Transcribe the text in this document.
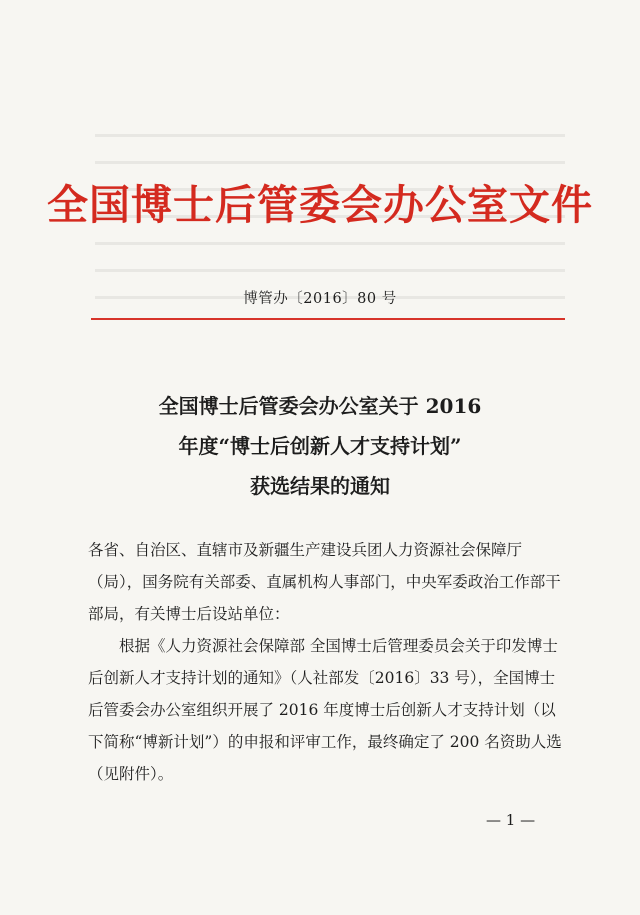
全国博士后管委会办公室文件
博管办〔2016〕80 号
全国博士后管委会办公室关于 2016
年度“博士后创新人才支持计划”
获选结果的通知

各省、自治区、直辖市及新疆生产建设兵团人力资源社会保障厅（局），国务院有关部委、直属机构人事部门，中央军委政治工作部干部局，有关博士后设站单位：

根据《人力资源社会保障部 全国博士后管理委员会关于印发博士后创新人才支持计划的通知》（人社部发〔2016〕33 号），全国博士后管委会办公室组织开展了 2016 年度博士后创新人才支持计划（以下简称“博新计划”）的申报和评审工作，最终确定了 200 名资助人选（见附件）。

— 1 —
